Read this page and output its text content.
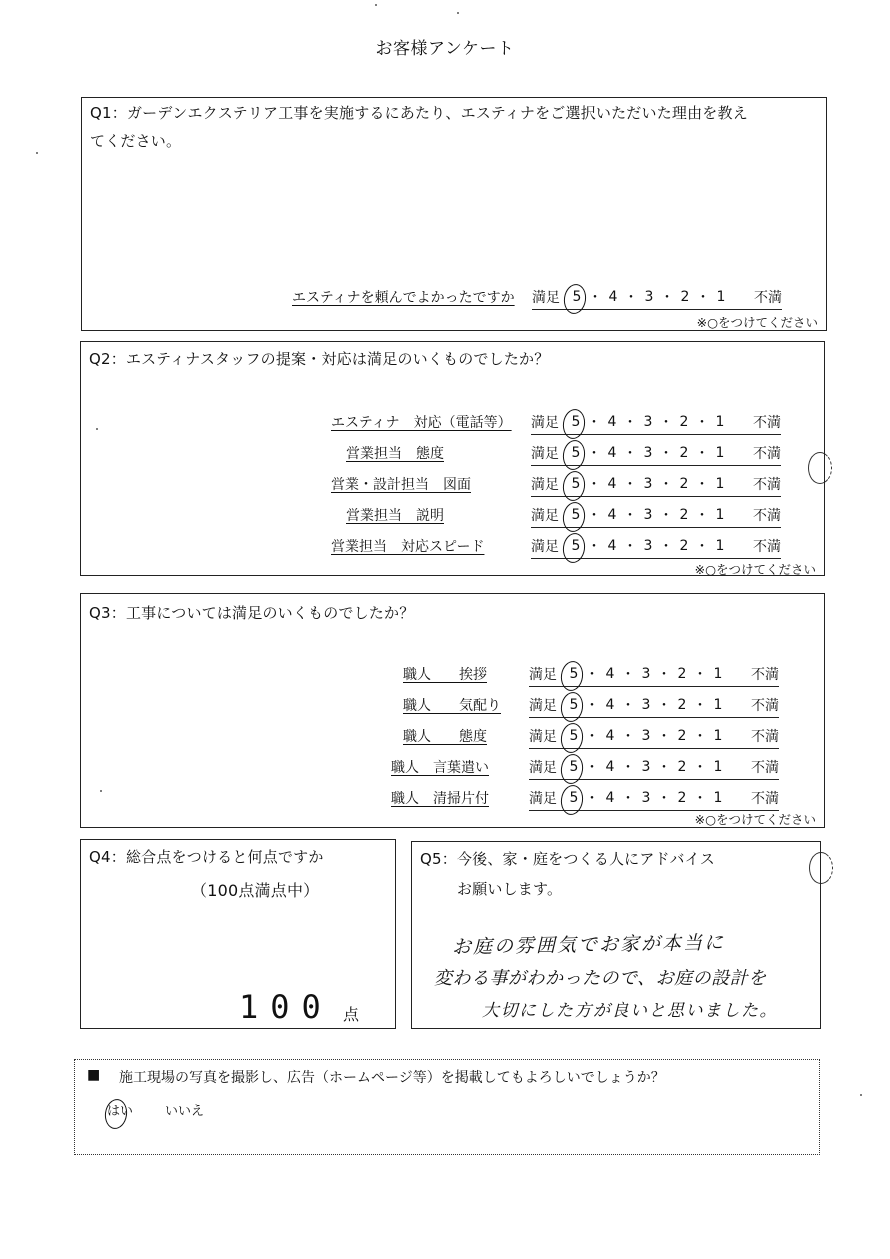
お客様アンケート
Q1：ガーデンエクステリア工事を実施するにあたり、エスティナをご選択いただいた理由を教え
てください。
エスティナを頼んでよかったですか 満足 5 ・ 4 ・ 3 ・ 2 ・ 1	不満
※○をつけてください
Q2：エスティナスタッフの提案・対応は満足のいくものでしたか？
エスティナ　対応（電話等） 満足 5 ・ 4 ・ 3 ・ 2 ・ 1	不満
営業担当　態度	満足 5 ・ 4 ・ 3 ・ 2 ・ 1	不満
営業・設計担当　図面	満足 5 ・ 4 ・ 3 ・ 2 ・ 1	不満
営業担当　説明	満足 5 ・ 4 ・ 3 ・ 2 ・ 1	不満
営業担当　対応スピード	満足 5 ・ 4 ・ 3 ・ 2 ・ 1	不満
※○をつけてください
Q3：工事については満足のいくものでしたか？
職人　　挨拶	満足 5 ・ 4 ・ 3 ・ 2 ・ 1	不満
職人　　気配り 満足 5 ・ 4 ・ 3 ・ 2 ・ 1	不満
職人　　態度	満足 5 ・ 4 ・ 3 ・ 2 ・ 1	不満
職人　言葉遣い	満足 5 ・ 4 ・ 3 ・ 2 ・ 1	不満
職人　清掃片付	満足 5 ・ 4 ・ 3 ・ 2 ・ 1	不満
※○をつけてください
Q4：総合点をつけると何点ですか
（100点満点中）
100 点
Q5：今後、家・庭をつくる人にアドバイス
お願いします。
お庭の雰囲気でお家が本当に
変わる事がわかったので、お庭の設計を
大切にした方が良いと思いました。
■ 施工現場の写真を撮影し、広告（ホームページ等）を掲載してもよろしいでしょうか？
$_{はい}$ いいえ
